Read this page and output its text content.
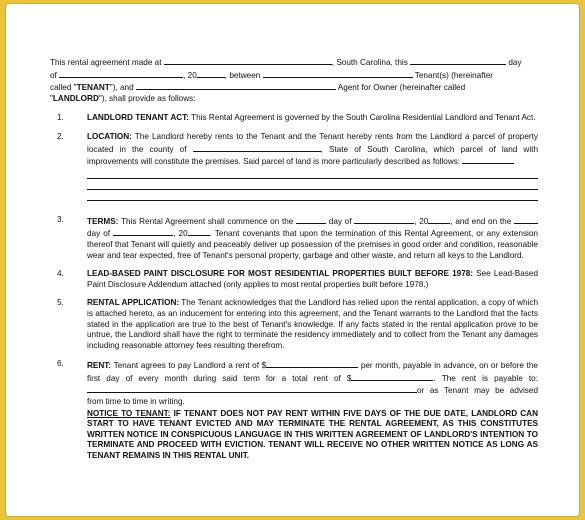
This rental agreement made at	, South Carolina, this	day

of	, 20	, between	Tenant(s) (hereinafter

called "TENANT"), and	Agent for Owner (hereinafter called

"LANDLORD"), shall provide as follows:

1.	LANDLORD TENANT ACT: This Rental Agreement is governed by the South Carolina Residential Landlord and Tenant Act.

2.	LOCATION: The Landlord hereby rents to the Tenant and the Tenant hereby rents from the Landlord a parcel of property located in the county of	, State of South Carolina, which parcel of land with improvements will constitute the premises. Said parcel of land is more particularly described as follows:

3.	TERMS: This Rental Agreement shall commence on the	day of	, 20	, and end on the  day of	, 20	. Tenant covenants that upon the termination of this Rental Agreement, or any extension thereof that Tenant will quietly and peaceably deliver up possession of the premises in good order and condition, reasonable wear and tear expected, free of Tenant's personal property, garbage and other waste, and return all keys to the Landlord.

4.	LEAD-BASED PAINT DISCLOSURE FOR MOST RESIDENTIAL PROPERTIES BUILT BEFORE 1978: See Lead-Based Paint Disclosure Addendum attached (only applies to most rental properties built before 1978.)

5.	RENTAL APPLICATION: The Tenant acknowledges that the Landlord has relied upon the rental application, a copy of which is attached hereto, as an inducement for entering into this agreement, and the Tenant warrants to the Landlord that the facts stated in the application are true to the best of Tenant's knowledge. If any facts stated in the rental application prove to be untrue, the Landlord shall have the right to terminate the residency immediately and to collect from the Tenant any damages including reasonable attorney fees resulting therefrom.

6.	RENT: Tenant agrees to pay Landlord a rent of $	per month, payable in advance, on or before the first day of every month during said term for a total rent of $	. The rent is payable to: or as Tenant may be advised from time to time in writing.

NOTICE TO TENANT: IF TENANT DOES NOT PAY RENT WITHIN FIVE DAYS OF THE DUE DATE, LANDLORD CAN START TO HAVE TENANT EVICTED AND MAY TERMINATE THE RENTAL AGREEMENT, AS THIS CONSTITUTES WRITTEN NOTICE IN CONSPICUOUS LANGUAGE IN THIS WRITTEN AGREEMENT OF LANDLORD'S INTENTION TO TERMINATE AND PROCEED WITH EVICTION. TENANT WILL RECEIVE NO OTHER WRITTEN NOTICE AS LONG AS TENANT REMAINS IN THIS RENTAL UNIT.
